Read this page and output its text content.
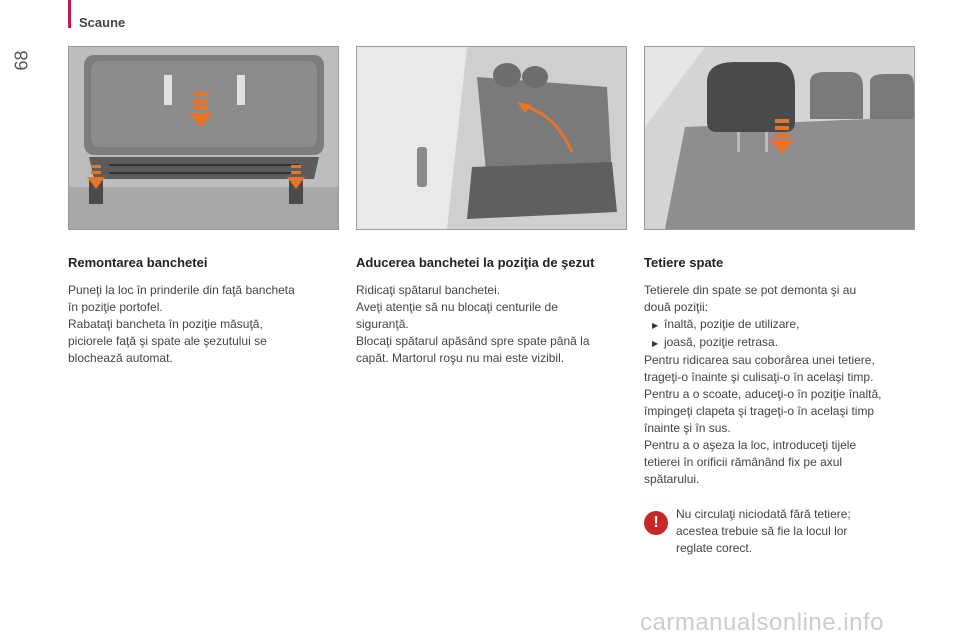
Scaune
68
Remontarea banchetei

Puneţi la loc în prinderile din faţă bancheta
în poziţie portofel.
Rabataţi bancheta în poziţie măsuţă,
piciorele faţă şi spate ale şezutului se
blochează automat.

Aducerea banchetei la poziţia de şezut

Ridicaţi spătarul banchetei.
Aveţi atenţie să nu blocaţi centurile de
siguranţă.
Blocaţi spătarul apăsând spre spate până la
capăt. Martorul roşu nu mai este vizibil.

Tetiere spate

Tetierele din spate se pot demonta şi au
două poziţii:

▶ înaltă, poziţie de utilizare,
▶ joasă, poziţie retrasa.

Pentru ridicarea sau coborârea unei tetiere,
trageţi-o înainte şi culisaţi-o în acelaşi timp.
Pentru a o scoate, aduceţi-o în poziţie înaltă,
împingeţi clapeta şi trageţi-o în acelaşi timp
înainte şi în sus.
Pentru a o aşeza la loc, introduceţi tijele
tetierei în orificii rămânând fix pe axul
spătarului.

!	Nu circulaţi niciodată fără tetiere;
acestea trebuie să fie la locul lor
reglate corect.
carmanualsonline.info
